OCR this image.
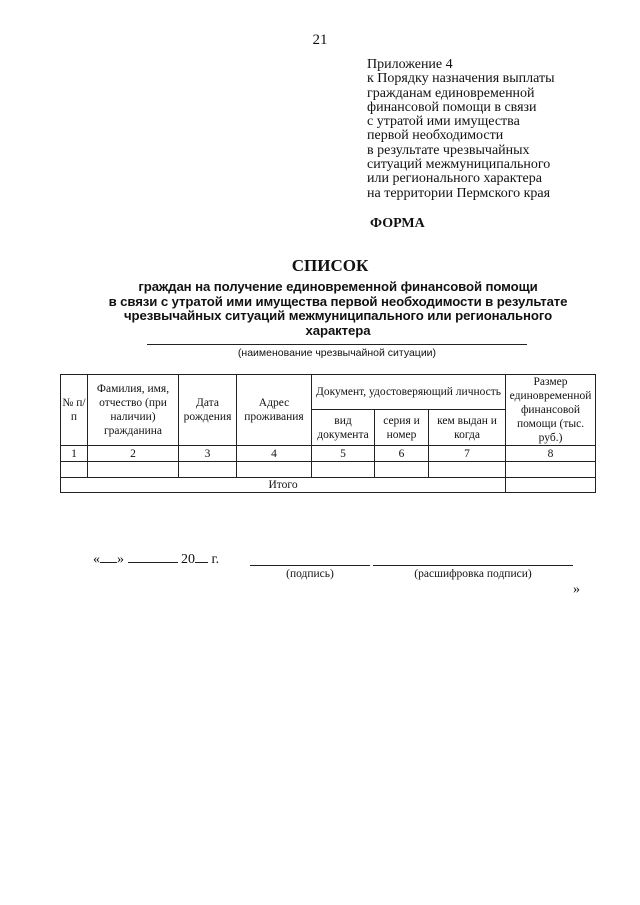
21
Приложение 4
к Порядку назначения выплаты
гражданам единовременной
финансовой помощи в связи
с утратой ими имущества
первой необходимости
в результате чрезвычайных
ситуаций межмуниципального
или регионального характера
на территории Пермского края
ФОРМА
СПИСОК
граждан на получение единовременной финансовой помощи
в связи с утратой ими имущества первой необходимости в результате
чрезвычайных ситуаций межмуниципального или регионального
характера
(наименование чрезвычайной ситуации)
№ п/п	Фамилия, имя, отчество (при наличии) гражданина	Дата рождения	Адрес проживания	Документ, удостоверяющий личность			Размер единовременной финансовой помощи (тыс. руб.)
				вид документа	серия и номер	кем выдан и когда	
1	2	3	4	5	6	7	8

Итого							
« »	20 г.
(подпись)	(расшифровка подписи)
»
